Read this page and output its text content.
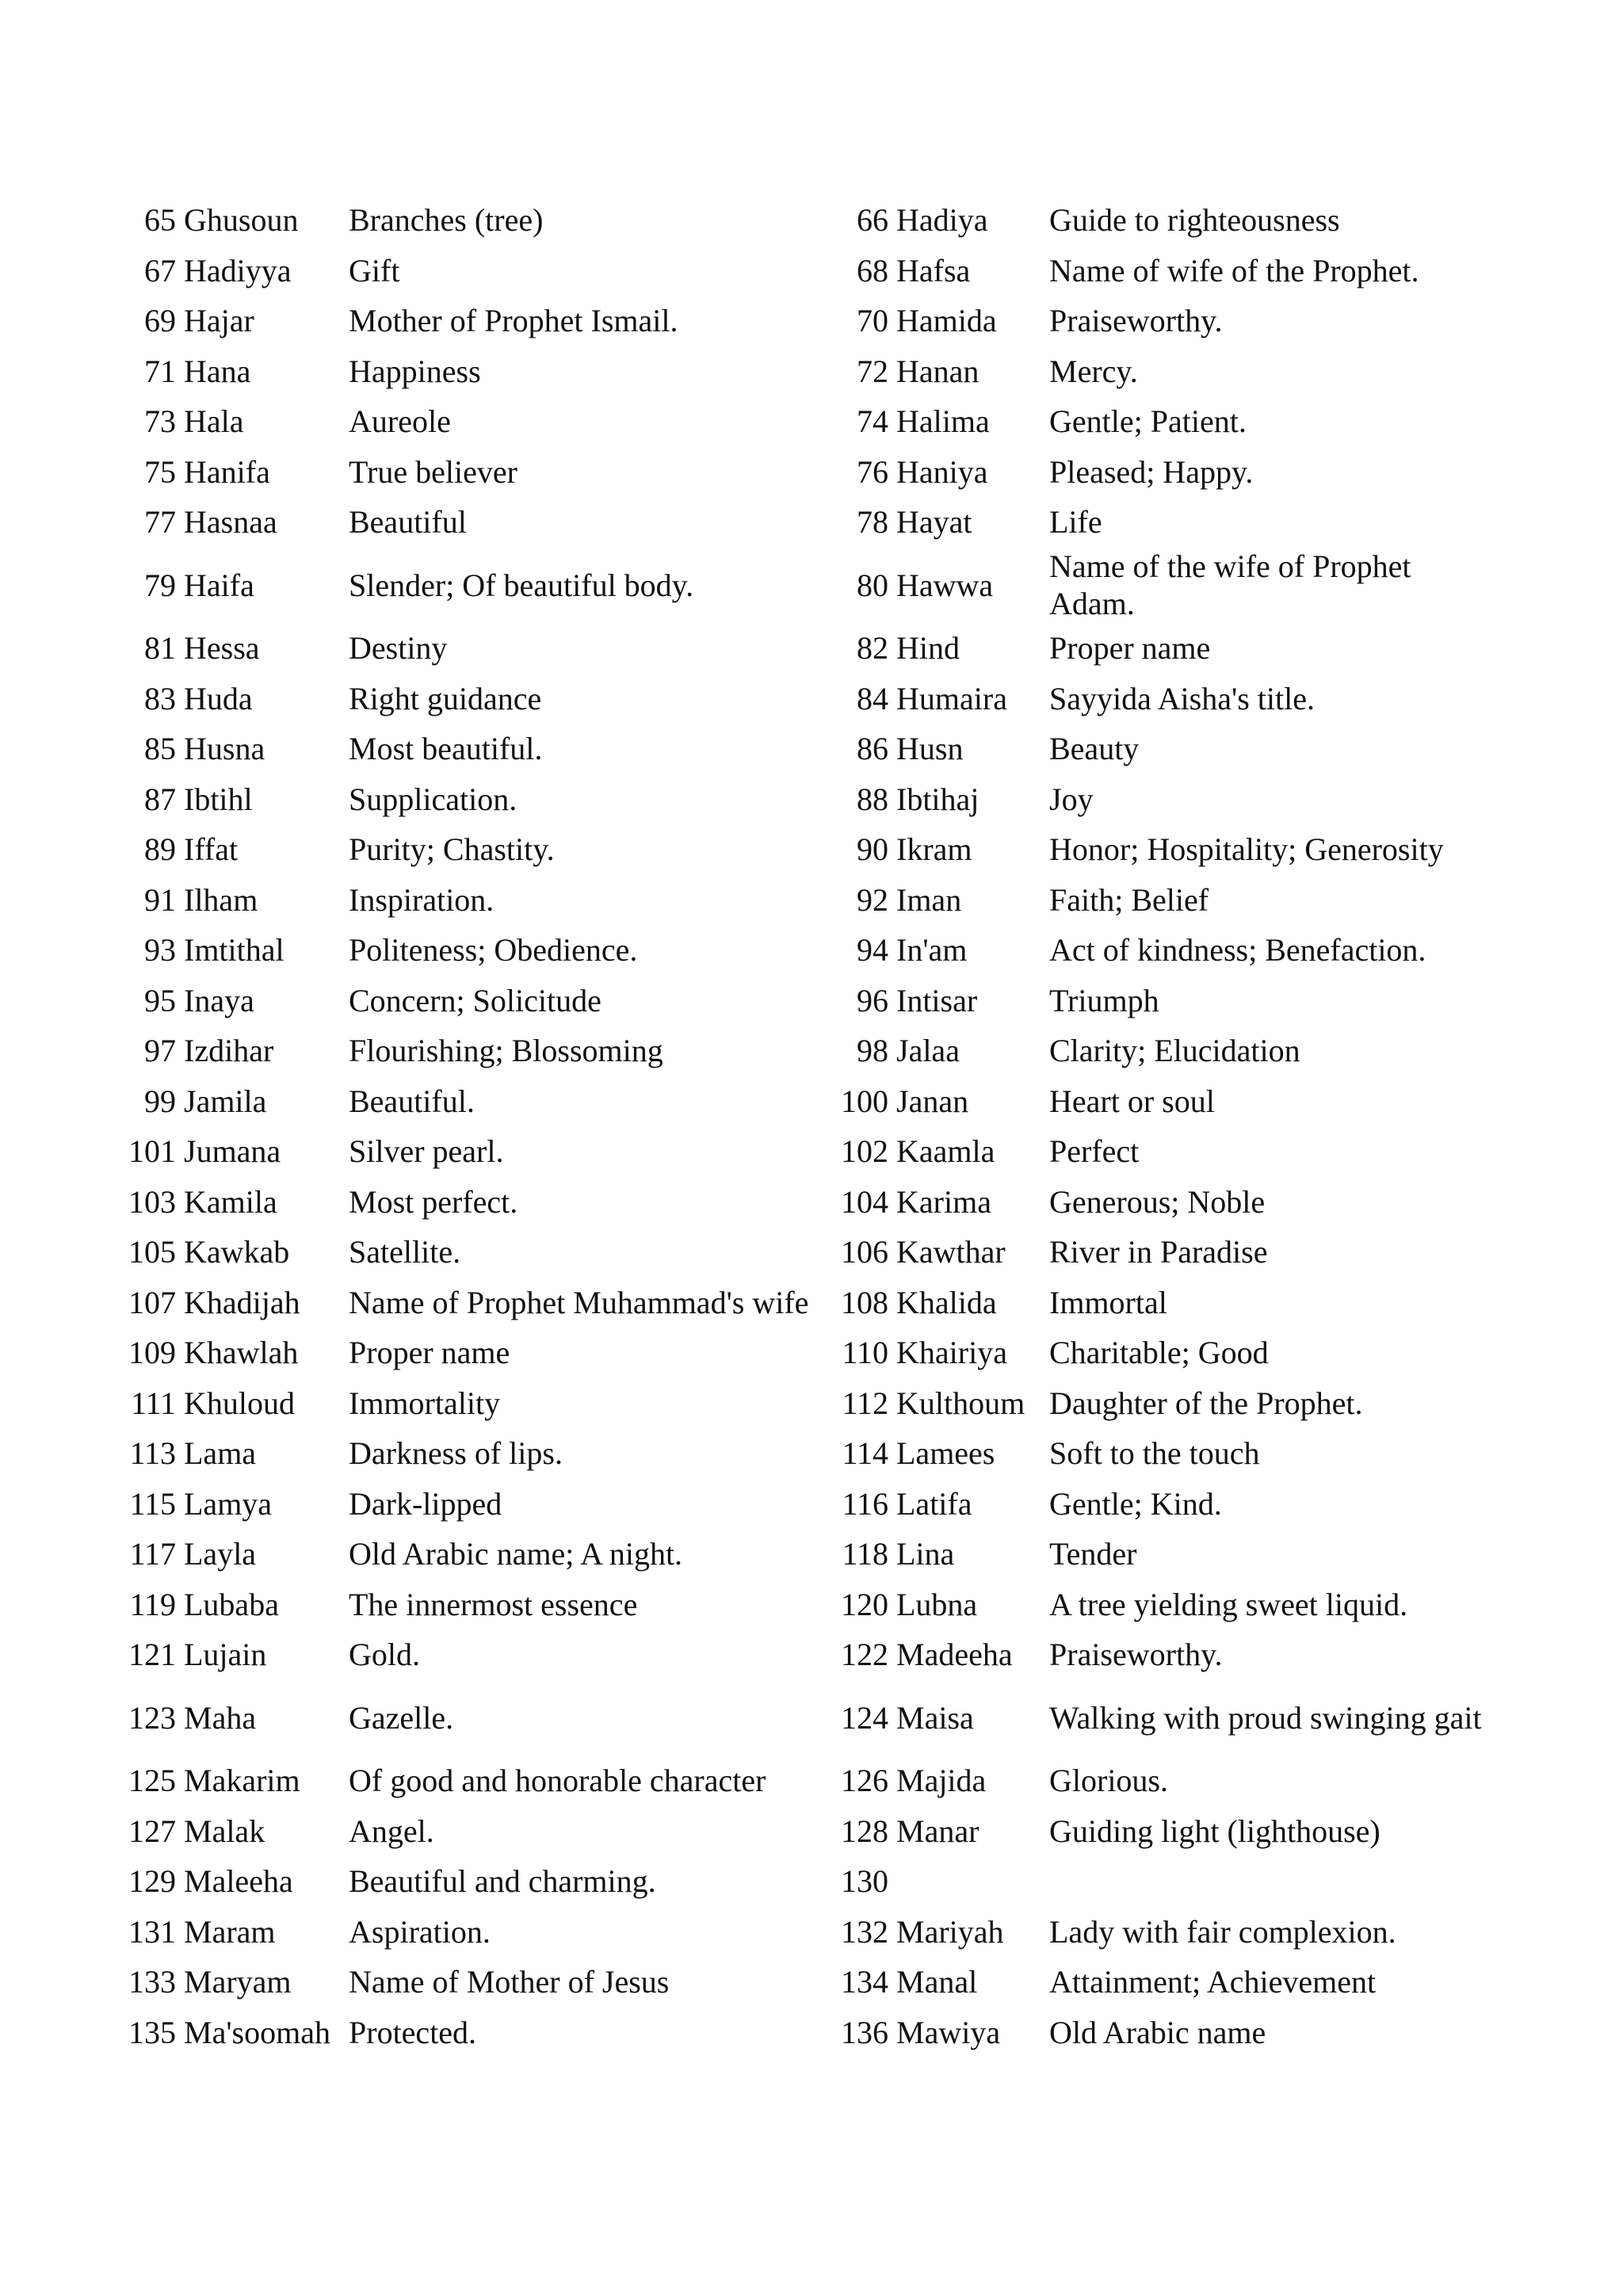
65	Ghusoun	Branches (tree)	66	Hadiya	Guide to righteousness
67	Hadiyya	Gift	68	Hafsa	Name of wife of the Prophet.
69	Hajar	Mother of Prophet Ismail.	70	Hamida	Praiseworthy.
71	Hana	Happiness	72	Hanan	Mercy.
73	Hala	Aureole	74	Halima	Gentle; Patient.
75	Hanifa	True believer	76	Haniya	Pleased; Happy.
77	Hasnaa	Beautiful	78	Hayat	Life
79	Haifa	Slender; Of beautiful body.	80	Hawwa	Name of the wife of Prophet Adam.
81	Hessa	Destiny	82	Hind	Proper name
83	Huda	Right guidance	84	Humaira	Sayyida Aisha's title.
85	Husna	Most beautiful.	86	Husn	Beauty
87	Ibtihl	Supplication.	88	Ibtihaj	Joy
89	Iffat	Purity; Chastity.	90	Ikram	Honor; Hospitality; Generosity
91	Ilham	Inspiration.	92	Iman	Faith; Belief
93	Imtithal	Politeness; Obedience.	94	In'am	Act of kindness; Benefaction.
95	Inaya	Concern; Solicitude	96	Intisar	Triumph
97	Izdihar	Flourishing; Blossoming	98	Jalaa	Clarity; Elucidation
99	Jamila	Beautiful.	100	Janan	Heart or soul
101	Jumana	Silver pearl.	102	Kaamla	Perfect
103	Kamila	Most perfect.	104	Karima	Generous; Noble
105	Kawkab	Satellite.	106	Kawthar	River in Paradise
107	Khadijah	Name of Prophet Muhammad's wife	108	Khalida	Immortal
109	Khawlah	Proper name	110	Khairiya	Charitable; Good
111	Khuloud	Immortality	112	Kulthoum	Daughter of the Prophet.
113	Lama	Darkness of lips.	114	Lamees	Soft to the touch
115	Lamya	Dark-lipped	116	Latifa	Gentle; Kind.
117	Layla	Old Arabic name; A night.	118	Lina	Tender
119	Lubaba	The innermost essence	120	Lubna	A tree yielding sweet liquid.
121	Lujain	Gold.	122	Madeeha	Praiseworthy.
123	Maha	Gazelle.	124	Maisa	Walking with proud swinging gait
125	Makarim	Of good and honorable character	126	Majida	Glorious.
127	Malak	Angel.	128	Manar	Guiding light (lighthouse)
129	Maleeha	Beautiful and charming.	130		
131	Maram	Aspiration.	132	Mariyah	Lady with fair complexion.
133	Maryam	Name of Mother of Jesus	134	Manal	Attainment; Achievement
135	Ma'soomah	Protected.	136	Mawiya	Old Arabic name
